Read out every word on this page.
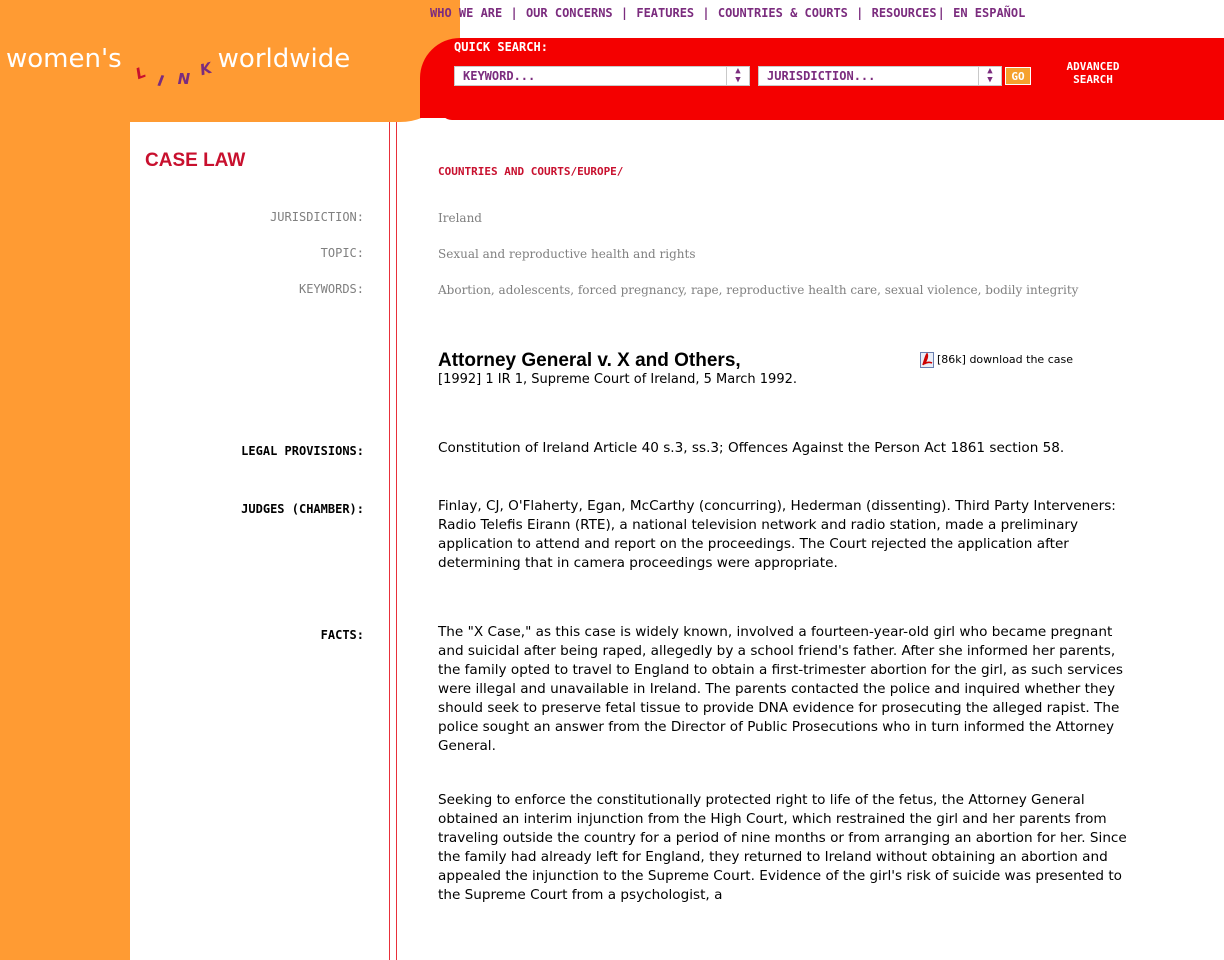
women's L I N K worldwide
WHO WE ARE | OUR CONCERNS | FEATURES | COUNTRIES & COURTS | RESOURCES| EN ESPAÑOL
QUICK SEARCH:
KEYWORD...	▲
▼	JURISDICTION...	▲
▼	GO
ADVANCED
SEARCH
CASE LAW
COUNTRIES AND COURTS/EUROPE/
JURISDICTION:	Ireland
TOPIC:	Sexual and reproductive health and rights
KEYWORDS:	Abortion, adolescents, forced pregnancy, rape, reproductive health care, sexual violence, bodily integrity
Attorney General v. X and Others,
[1992] 1 IR 1, Supreme Court of Ireland, 5 March 1992.
[86k] download the case
LEGAL PROVISIONS:	Constitution of Ireland Article 40 s.3, ss.3; Offences Against the Person Act 1861 section 58.
JUDGES (CHAMBER):	Finlay, CJ, O'Flaherty, Egan, McCarthy (concurring), Hederman (dissenting). Third Party Interveners: Radio Telefis Eirann (RTE), a national television network and radio station, made a preliminary application to attend and report on the proceedings. The Court rejected the application after determining that in camera proceedings were appropriate.
FACTS:	The "X Case," as this case is widely known, involved a fourteen-year-old girl who became pregnant and suicidal after being raped, allegedly by a school friend's father. After she informed her parents, the family opted to travel to England to obtain a first-trimester abortion for the girl, as such services were illegal and unavailable in Ireland. The parents contacted the police and inquired whether they should seek to preserve fetal tissue to provide DNA evidence for prosecuting the alleged rapist. The police sought an answer from the Director of Public Prosecutions who in turn informed the Attorney General.
Seeking to enforce the constitutionally protected right to life of the fetus, the Attorney General obtained an interim injunction from the High Court, which restrained the girl and her parents from traveling outside the country for a period of nine months or from arranging an abortion for her. Since the family had already left for England, they returned to Ireland without obtaining an abortion and appealed the injunction to the Supreme Court. Evidence of the girl's risk of suicide was presented to the Supreme Court from a psychologist, a
